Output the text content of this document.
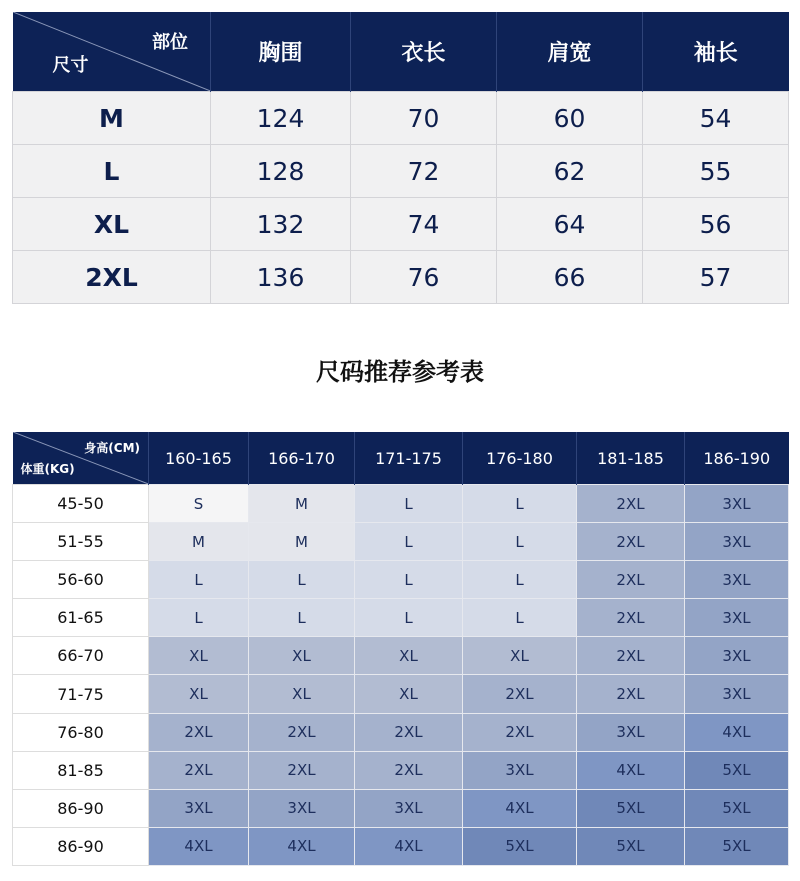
部位
尺寸	胸围	衣长	肩宽	袖长
M	124	70	60	54
L	128	72	62	55
XL	132	74	64	56
2XL	136	76	66	57
尺码推荐参考表
身高(CM)
体重(KG)	160-165	166-170	171-175	176-180	181-185	186-190
45-50	S	M	L	L	2XL	3XL
51-55	M	M	L	L	2XL	3XL
56-60	L	L	L	L	2XL	3XL
61-65	L	L	L	L	2XL	3XL
66-70	XL	XL	XL	XL	2XL	3XL
71-75	XL	XL	XL	2XL	2XL	3XL
76-80	2XL	2XL	2XL	2XL	3XL	4XL
81-85	2XL	2XL	2XL	3XL	4XL	5XL
86-90	3XL	3XL	3XL	4XL	5XL	5XL
86-90	4XL	4XL	4XL	5XL	5XL	5XL
